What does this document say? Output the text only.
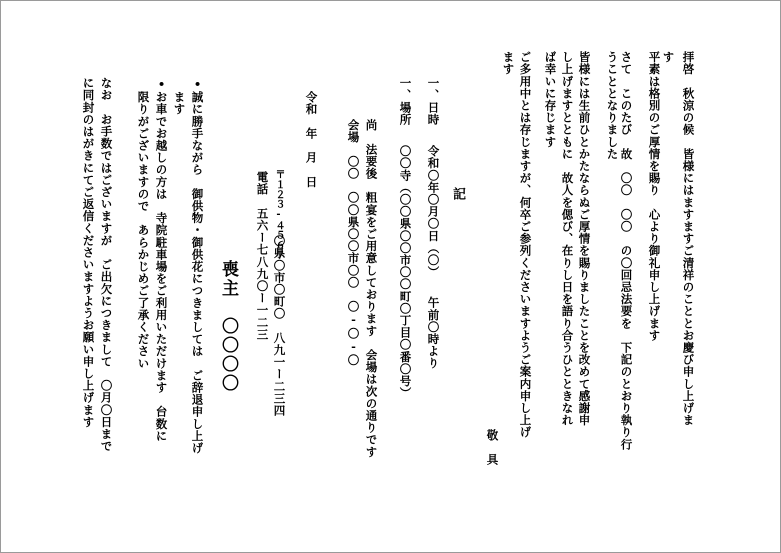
拝啓　秋涼の候　皆様にはますますご清祥のこととお慶び申し上げま
す
平素は格別のご厚情を賜り　心より御礼申し上げます
さて　このたび　故　〇〇　〇〇　の〇回忌法要を　下記のとおり執り行
うこととなりました
皆様には生前ひとかたならぬご厚情を賜りましたことを改めて感謝申
し上げますとともに　故人を偲び、在りし日を語り合うひとときなれ
ば幸いに存じます
ご多用中とは存じますが、何卒ご参列くださいますようご案内申し上げ
ます
敬　具
記
一、日時
令和〇年〇月〇日（〇）　　午前〇時より
一、場所
〇〇寺（〇〇県〇〇市〇〇町〇丁目〇番〇号）
尚　法要後　粗宴をご用意しております　会場は次の通りです
会場　〇〇　〇〇県〇〇市〇〇　〇-〇-〇
令和　年　月　日
〒１２３-４５６７
〇県〇市〇町〇　八九一ー二三四
電話　五六ー七八九〇ー一二三
喪主　〇〇〇〇
•
誠に勝手ながら　御供物・御供花につきましては　ご辞退申し上げ
ます
•
お車でお越しの方は　寺院駐車場をご利用いただけます　台数に
限りがございますので　あらかじめご了承ください
なお　お手数ではございますが　ご出欠につきまして　〇月〇日まで
に同封のはがきにてご返信くださいますようお願い申し上げます
